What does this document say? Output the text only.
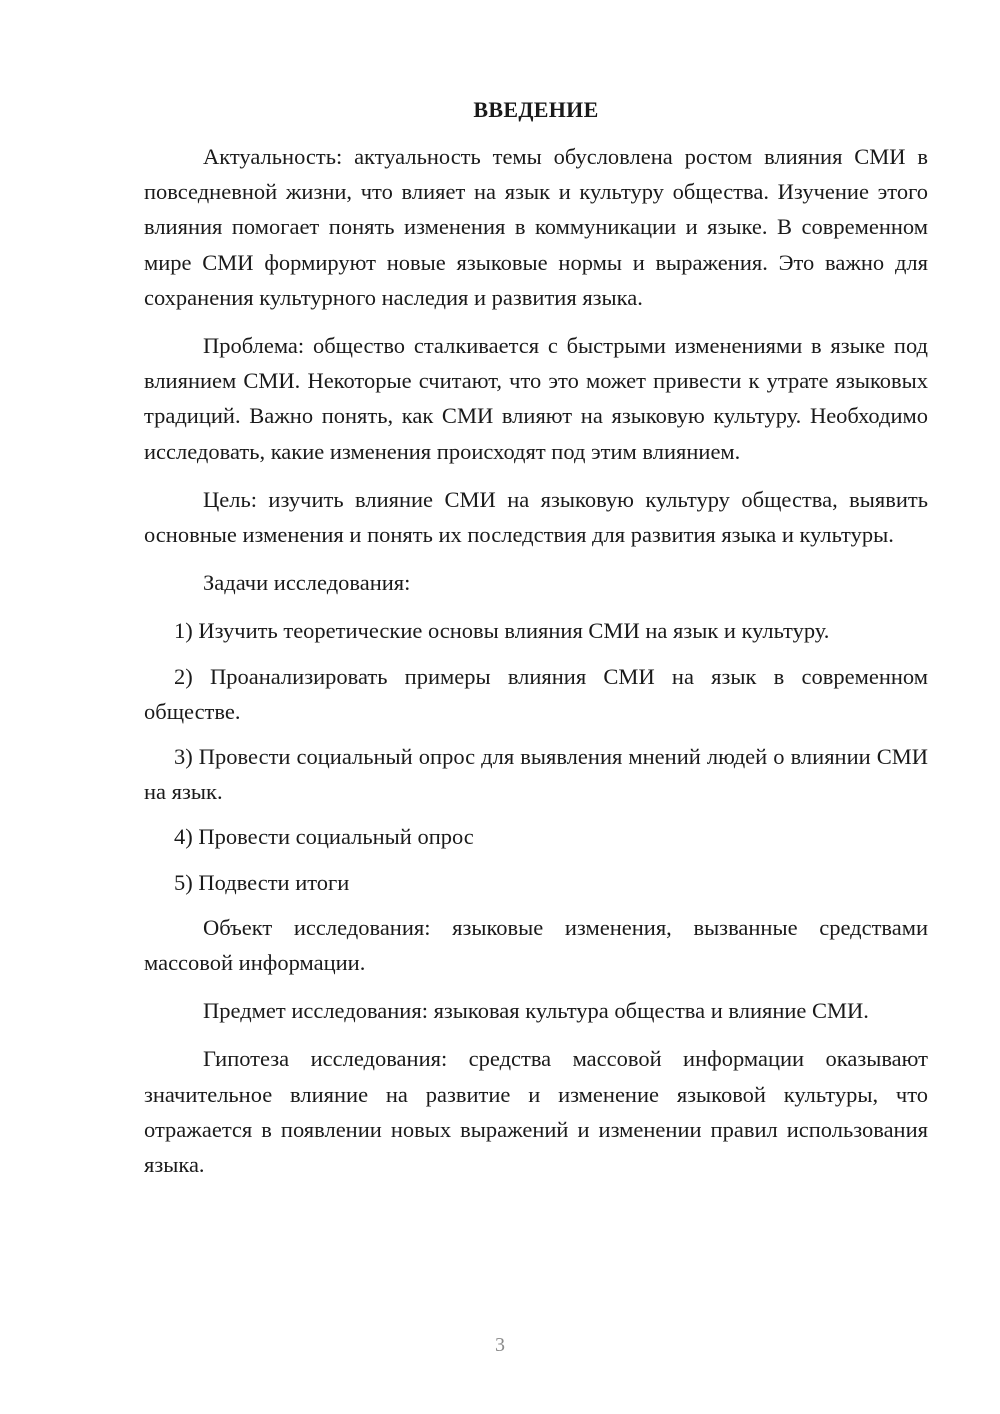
ВВЕДЕНИЕ

Актуальность: актуальность темы обусловлена ростом влияния СМИ в повседневной жизни, что влияет на язык и культуру общества. Изучение этого влияния помогает понять изменения в коммуникации и языке. В современном мире СМИ формируют новые языковые нормы и выражения. Это важно для сохранения культурного наследия и развития языка.

Проблема: общество сталкивается с быстрыми изменениями в языке под влиянием СМИ. Некоторые считают, что это может привести к утрате языковых традиций. Важно понять, как СМИ влияют на языковую культуру. Необходимо исследовать, какие изменения происходят под этим влиянием.

Цель: изучить влияние СМИ на языковую культуру общества, выявить основные изменения и понять их последствия для развития языка и культуры.

Задачи исследования:

1) Изучить теоретические основы влияния СМИ на язык и культуру.

2) Проанализировать примеры влияния СМИ на язык в современном обществе.

3) Провести социальный опрос для выявления мнений людей о влиянии СМИ на язык.

4) Провести социальный опрос

5) Подвести итоги

Объект исследования: языковые изменения, вызванные средствами массовой информации.

Предмет исследования: языковая культура общества и влияние СМИ.

Гипотеза исследования: средства массовой информации оказывают значительное влияние на развитие и изменение языковой культуры, что отражается в появлении новых выражений и изменении правил использования языка.

3
